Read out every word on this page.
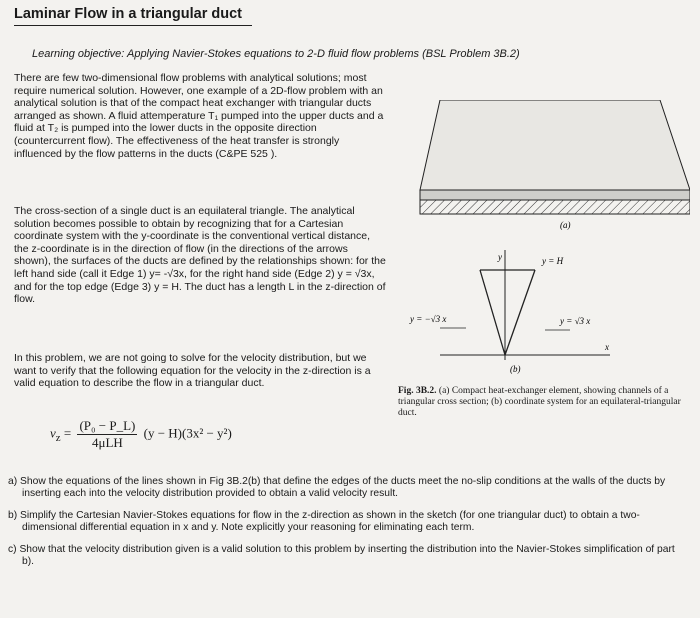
Laminar Flow in a triangular duct
Learning objective: Applying Navier-Stokes equations to 2-D fluid flow problems (BSL Problem 3B.2)
There are few two-dimensional flow problems with analytical solutions; most require numerical solution. However, one example of a 2D-flow problem with an analytical solution is that of the compact heat exchanger with triangular ducts arranged as shown. A fluid attemperature T₁ pumped into the upper ducts and a fluid at T₂ is pumped into the lower ducts in the opposite direction (countercurrent flow). The effectiveness of the heat transfer is strongly influenced by the flow patterns in the ducts (C&PE 525 ).
The cross-section of a single duct is an equilateral triangle. The analytical solution becomes possible to obtain by recognizing that for a Cartesian coordinate system with the y-coordinate is the conventional vertical distance, the z-coordinate is in the direction of flow (in the directions of the arrows shown), the surfaces of the ducts are defined by the relationships shown: for the left hand side (call it Edge 1) y= -√3x, for the right hand side (Edge 2) y = √3x, and for the top edge (Edge 3) y = H. The duct has a length L in the z-direction of flow.
In this problem, we are not going to solve for the velocity distribution, but we want to verify that the following equation for the velocity in the z-direction is a valid equation to describe the flow in a triangular duct.
$v_z = \frac{\text{(P₀ − P\_L)}}{\text{4μLH}} (y - H)(3x^2 - y^2)$
(a)
y
x
y = H
y = −√3 x	y = √3 x
(b)
Fig. 3B.2. (a) Compact heat-exchanger element, showing channels of a triangular cross section; (b) coordinate system for an equilateral-triangular duct.
a) Show the equations of the lines shown in Fig 3B.2(b) that define the edges of the ducts meet the no-slip conditions at the walls of the ducts by inserting each into the velocity distribution provided to obtain a valid velocity result.
b) Simplify the Cartesian Navier-Stokes equations for flow in the z-direction as shown in the sketch (for one triangular duct) to obtain a two-dimensional differential equation in x and y. Note explicitly your reasoning for eliminating each term.
c) Show that the velocity distribution given is a valid solution to this problem by inserting the distribution into the Navier-Stokes simplification of part b).
